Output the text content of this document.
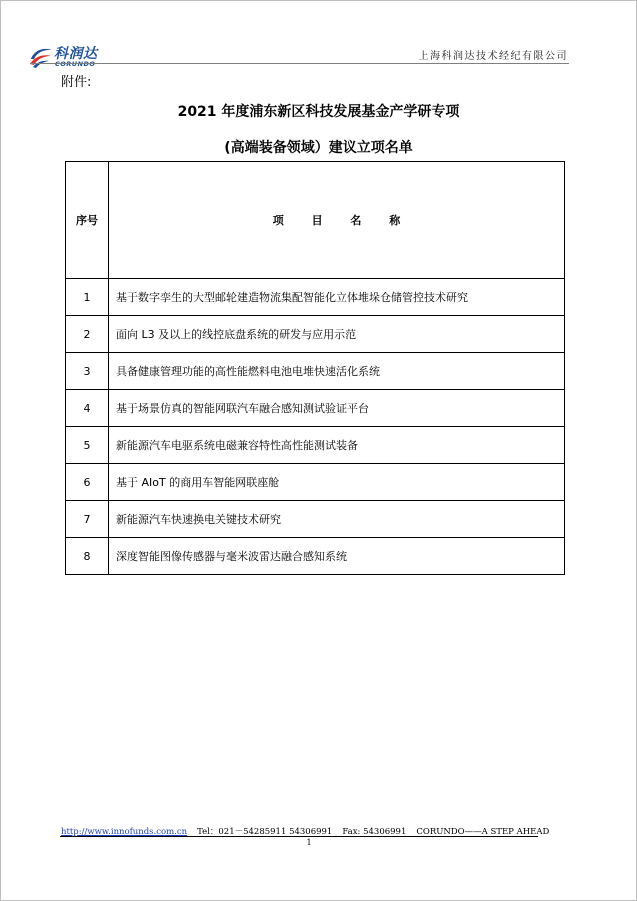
科润达
CORUNDO
上海科润达技术经纪有限公司
附件:
2021 年度浦东新区科技发展基金产学研专项
(高端装备领域）建议立项名单
序号	项 目 名 称
1	基于数字孪生的大型邮轮建造物流集配智能化立体堆垛仓储管控技术研究
2	面向 L3 及以上的线控底盘系统的研发与应用示范
3	具备健康管理功能的高性能燃料电池电堆快速活化系统
4	基于场景仿真的智能网联汽车融合感知测试验证平台
5	新能源汽车电驱系统电磁兼容特性高性能测试装备
6	基于 AIoT 的商用车智能网联座舱
7	新能源汽车快速换电关键技术研究
8	深度智能图像传感器与毫米波雷达融合感知系统
http://www.innofunds.com.cn Tel：021－54285911 54306991 Fax: 54306991 CORUNDO——A STEP AHEAD
1
